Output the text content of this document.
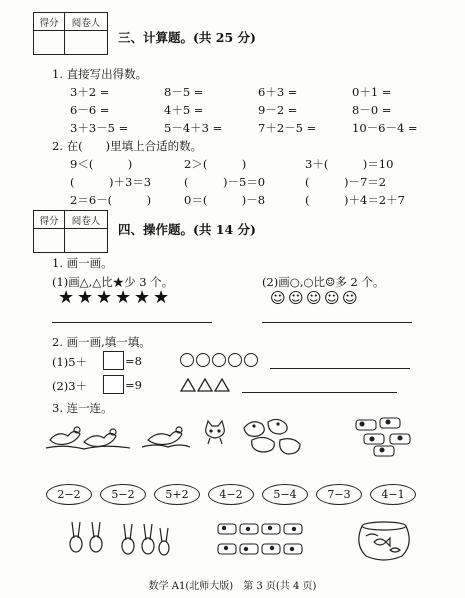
得分	阅卷人

三、计算题。(共 25 分)
1. 直接写出得数。
3＋2 =	8－5 =	6＋3 =	0＋1 =
6－6 =	4＋5 =	9－2 =	8－0 =
3＋3－5 =	5－4＋3 =	7＋2－5 =	10－6－4 =
2. 在(　　)里填上合适的数。
9＜(　　　)	2＞(　　　)	3＋(　　　)＝10
(　　　)＋3＝3	(　　　)－5＝0	(　　　)－7＝2
2＝6－(　　　)	0＝(　　　)－8	(　　　)＋4＝2＋7
得分	阅卷人

四、操作题。(共 14 分)
1. 画一画。
(1)画△,△比★少 3 个。	(2)画○,○比☺多 2 个。
★ ★ ★ ★ ★ ★	☺ ☺ ☺ ☺ ☺
2. 画一画,填一填。
(1)5＋	=8
(2)3＋	=9
3. 连一连。
2−2	5−2	5+2	4−2	5−4	7−3	4−1
数学 A1(北师大版)　第 3 页(共 4 页)
